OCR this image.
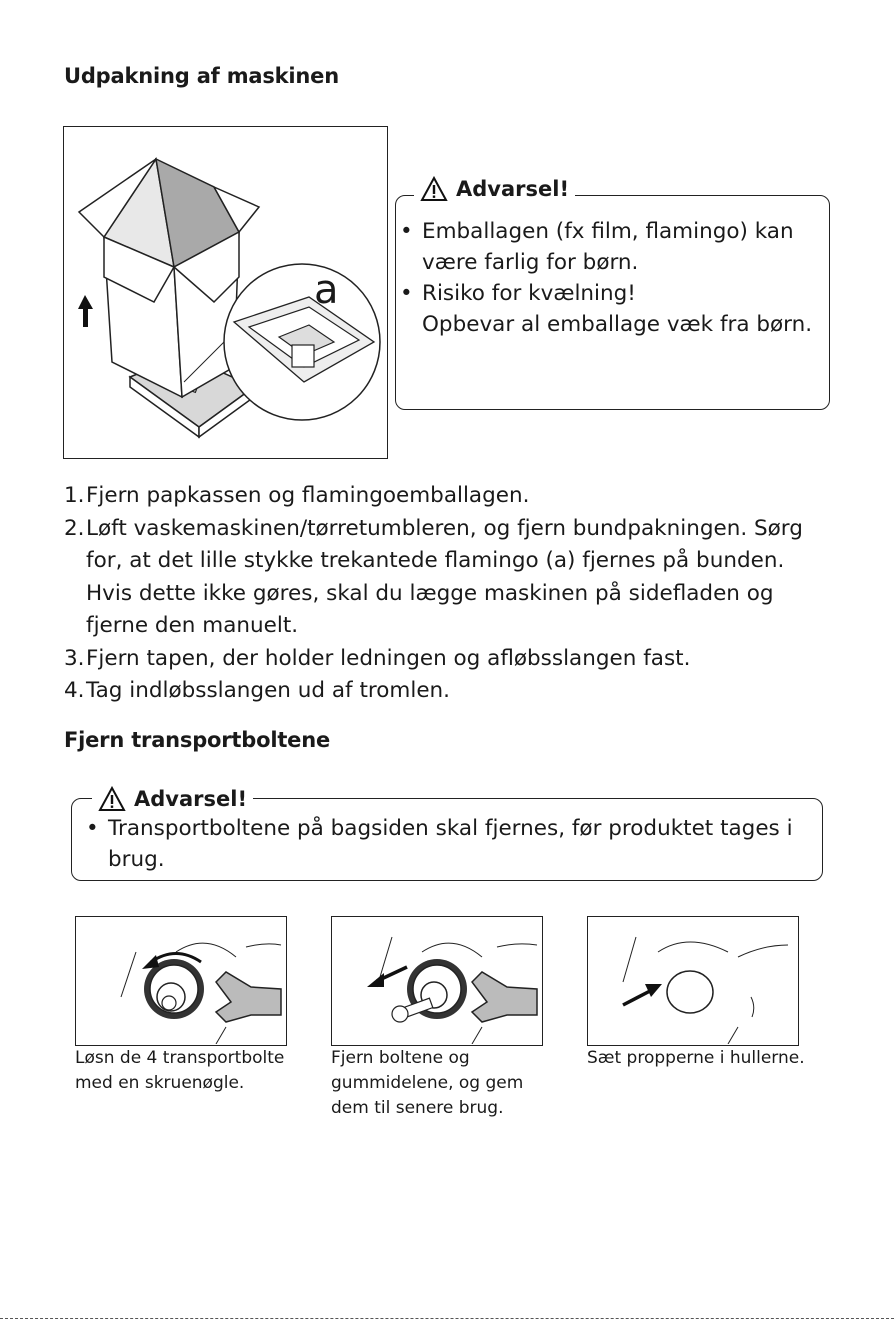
Udpakning af maskinen
a
Advarsel!
• Emballagen (fx film, flamingo) kan
være farlig for børn.
• Risiko for kvælning!
Opbevar al emballage væk fra børn.
1. Fjern papkassen og flamingoemballagen.
2. Løft vaskemaskinen/tørretumbleren, og fjern bundpakningen. Sørg
for, at det lille stykke trekantede flamingo (a) fjernes på bunden.
Hvis dette ikke gøres, skal du lægge maskinen på sidefladen og
fjerne den manuelt.
3. Fjern tapen, der holder ledningen og afløbsslangen fast.
4. Tag indløbsslangen ud af tromlen.
Fjern transportboltene
Advarsel!
• Transportboltene på bagsiden skal fjernes, før produktet tages i
brug.
Løsn de 4 transportbolte
med en skruenøgle.
Fjern boltene og
gummidelene, og gem
dem til senere brug.
Sæt propperne i hullerne.
